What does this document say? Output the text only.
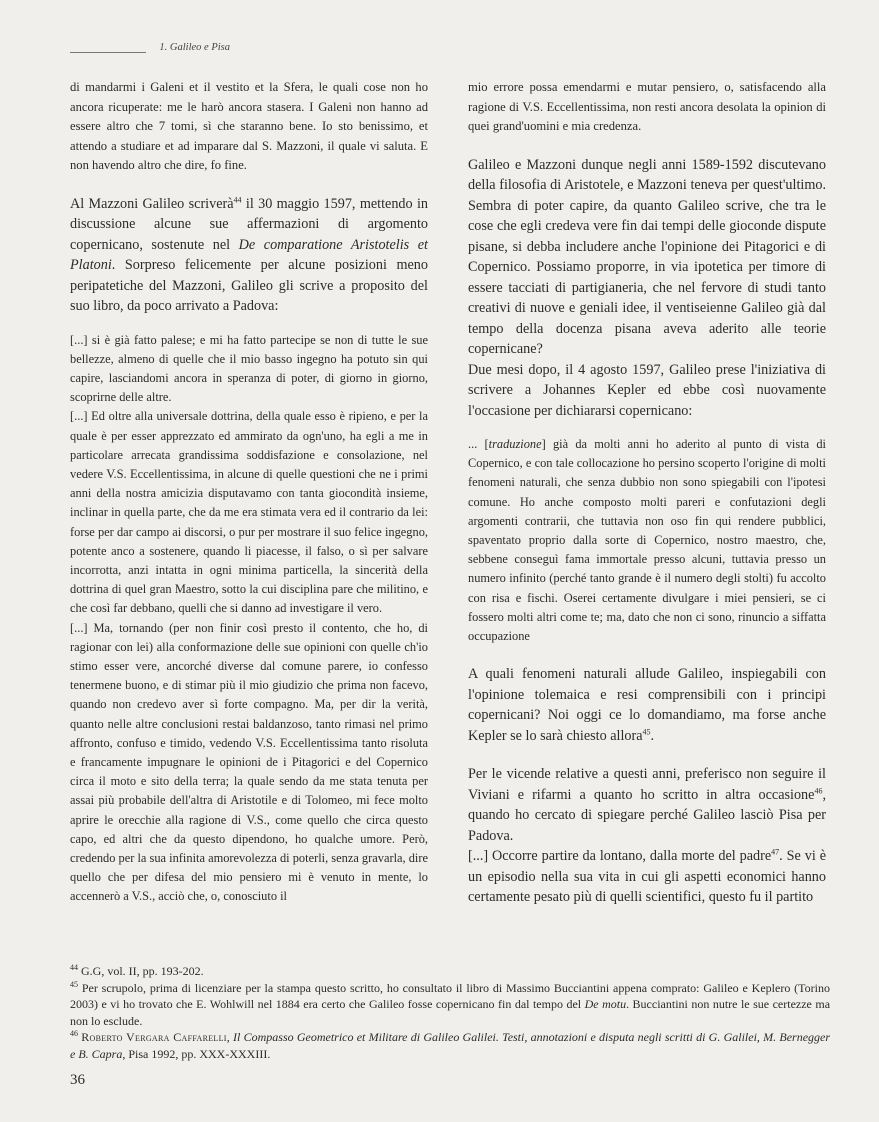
1. Galileo e Pisa

di mandarmi i Galeni et il vestito et la Sfera, le quali cose non ho ancora ricuperate: me le harò ancora stasera. I Galeni non hanno ad essere altro che 7 tomi, sì che staranno bene. Io sto benissimo, et attendo a studiare et ad imparare dal S. Mazzoni, il quale vi saluta. E non havendo altro che dire, fo fine.

Al Mazzoni Galileo scriverà$^{44}$ il 30 maggio 1597, mettendo in discussione alcune sue affermazioni di argomento copernicano, sostenute nel De comparatione Aristotelis et Platoni. Sorpreso felicemente per alcune posizioni meno peripatetiche del Mazzoni, Galileo gli scrive a proposito del suo libro, da poco arrivato a Padova:

[...] si è già fatto palese; e mi ha fatto partecipe se non di tutte le sue bellezze, almeno di quelle che il mio basso ingegno ha potuto sin qui capire, lasciandomi ancora in speranza di poter, di giorno in giorno, scoprirne delle altre.

[...] Ed oltre alla universale dottrina, della quale esso è ripieno, e per la quale è per esser apprezzato ed ammirato da ogn'uno, ha egli a me in particolare arrecata grandissima soddisfazione e consolazione, nel vedere V.S. Eccellentissima, in alcune di quelle questioni che ne i primi anni della nostra amicizia disputavamo con tanta giocondità insieme, inclinar in quella parte, che da me era stimata vera ed il contrario da lei: forse per dar campo ai discorsi, o pur per mostrare il suo felice ingegno, potente anco a sostenere, quando li piacesse, il falso, o sì per salvare incorrotta, anzi intatta in ogni minima particella, la sincerità della dottrina di quel gran Maestro, sotto la cui disciplina pare che militino, e che così far debbano, quelli che si danno ad investigare il vero.

[...] Ma, tornando (per non finir così presto il contento, che ho, di ragionar con lei) alla conformazione delle sue opinioni con quelle ch'io stimo esser vere, ancorché diverse dal comune parere, io confesso tenermene buono, e di stimar più il mio giudizio che prima non facevo, quando non credevo aver sì forte compagno. Ma, per dir la verità, quanto nelle altre conclusioni restai baldanzoso, tanto rimasi nel primo affronto, confuso e timido, vedendo V.S. Eccellentissima tanto risoluta e francamente impugnare le opinioni de i Pitagorici e del Copernico circa il moto e sito della terra; la quale sendo da me stata tenuta per assai più probabile dell'altra di Aristotile e di Tolomeo, mi fece molto aprire le orecchie alla ragione di V.S., come quello che circa questo capo, ed altri che da questo dipendono, ho qualche umore. Però, credendo per la sua infinita amorevolezza di poterli, senza gravarla, dire quello che per difesa del mio pensiero mi è venuto in mente, lo accennerò a V.S., acciò che, o, conosciuto il

mio errore possa emendarmi e mutar pensiero, o, satisfacendo alla ragione di V.S. Eccellentissima, non resti ancora desolata la opinion di quei grand'uomini e mia credenza.

Galileo e Mazzoni dunque negli anni 1589-1592 discutevano della filosofia di Aristotele, e Mazzoni teneva per quest'ultimo. Sembra di poter capire, da quanto Galileo scrive, che tra le cose che egli credeva vere fin dai tempi delle gioconde dispute pisane, si debba includere anche l'opinione dei Pitagorici e di Copernico. Possiamo proporre, in via ipotetica per timore di essere tacciati di partigianeria, che nel fervore di studi tanto creativi di nuove e geniali idee, il ventiseienne Galileo già dal tempo della docenza pisana aveva aderito alle teorie copernicane?

Due mesi dopo, il 4 agosto 1597, Galileo prese l'iniziativa di scrivere a Johannes Kepler ed ebbe così nuovamente l'occasione per dichiararsi copernicano:

... [traduzione] già da molti anni ho aderito al punto di vista di Copernico, e con tale collocazione ho persino scoperto l'origine di molti fenomeni naturali, che senza dubbio non sono spiegabili con l'ipotesi comune. Ho anche composto molti pareri e confutazioni degli argomenti contrarii, che tuttavia non oso fin qui rendere pubblici, spaventato proprio dalla sorte di Copernico, nostro maestro, che, sebbene conseguì fama immortale presso alcuni, tuttavia presso un numero infinito (perché tanto grande è il numero degli stolti) fu accolto con risa e fischi. Oserei certamente divulgare i miei pensieri, se ci fossero molti altri come te; ma, dato che non ci sono, rinuncio a siffatta occupazione

A quali fenomeni naturali allude Galileo, inspiegabili con l'opinione tolemaica e resi comprensibili con i principi copernicani? Noi oggi ce lo domandiamo, ma forse anche Kepler se lo sarà chiesto allora$^{45}$.

Per le vicende relative a questi anni, preferisco non seguire il Viviani e rifarmi a quanto ho scritto in altra occasione$^{46}$, quando ho cercato di spiegare perché Galileo lasciò Pisa per Padova.

[...] Occorre partire da lontano, dalla morte del padre$^{47}$. Se vi è un episodio nella sua vita in cui gli aspetti economici hanno certamente pesato più di quelli scientifici, questo fu il partito

$^{44}$ G.G, vol. II, pp. 193-202.

$^{45}$ Per scrupolo, prima di licenziare per la stampa questo scritto, ho consultato il libro di Massimo Bucciantini appena comprato: Galileo e Keplero (Torino 2003) e vi ho trovato che E. Wohlwill nel 1884 era certo che Galileo fosse copernicano fin dal tempo del De motu. Bucciantini non nutre le sue certezze ma non lo esclude.

$^{46}$ Roberto Vergara Caffarelli, Il Compasso Geometrico et Militare di Galileo Galilei. Testi, annotazioni e disputa negli scritti di G. Galilei, M. Bernegger e B. Capra, Pisa 1992, pp. XXX-XXXIII.

36
